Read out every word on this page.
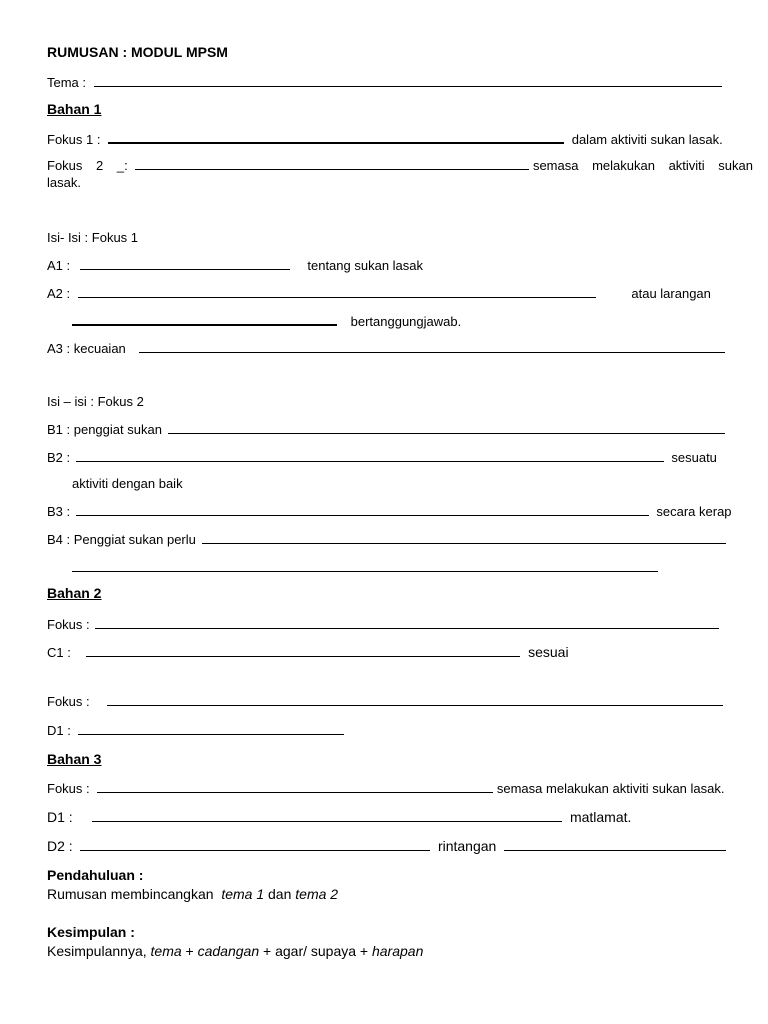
RUMUSAN : MODUL MPSM
Tema :
Bahan 1
Fokus 1 :	dalam aktiviti sukan lasak.
Fokus 2 _:	semasa melakukan aktiviti sukan
lasak.
Isi- Isi : Fokus 1
A1 :	tentang sukan lasak
A2 :	atau larangan
bertanggungjawab.
A3 : kecuaian
Isi – isi : Fokus 2
B1 : penggiat sukan
B2 :	sesuatu
aktiviti dengan baik
B3 :	secara kerap
B4 : Penggiat sukan perlu
Bahan 2
Fokus :
C1 :	sesuai
Fokus :
D1 :
Bahan 3
Fokus :	semasa melakukan aktiviti sukan lasak.
D1 :	matlamat.
D2 :	rintangan
Pendahuluan :
Rumusan membincangkan tema 1 dan tema 2
Kesimpulan :
Kesimpulannya, tema + cadangan + agar/ supaya + harapan
